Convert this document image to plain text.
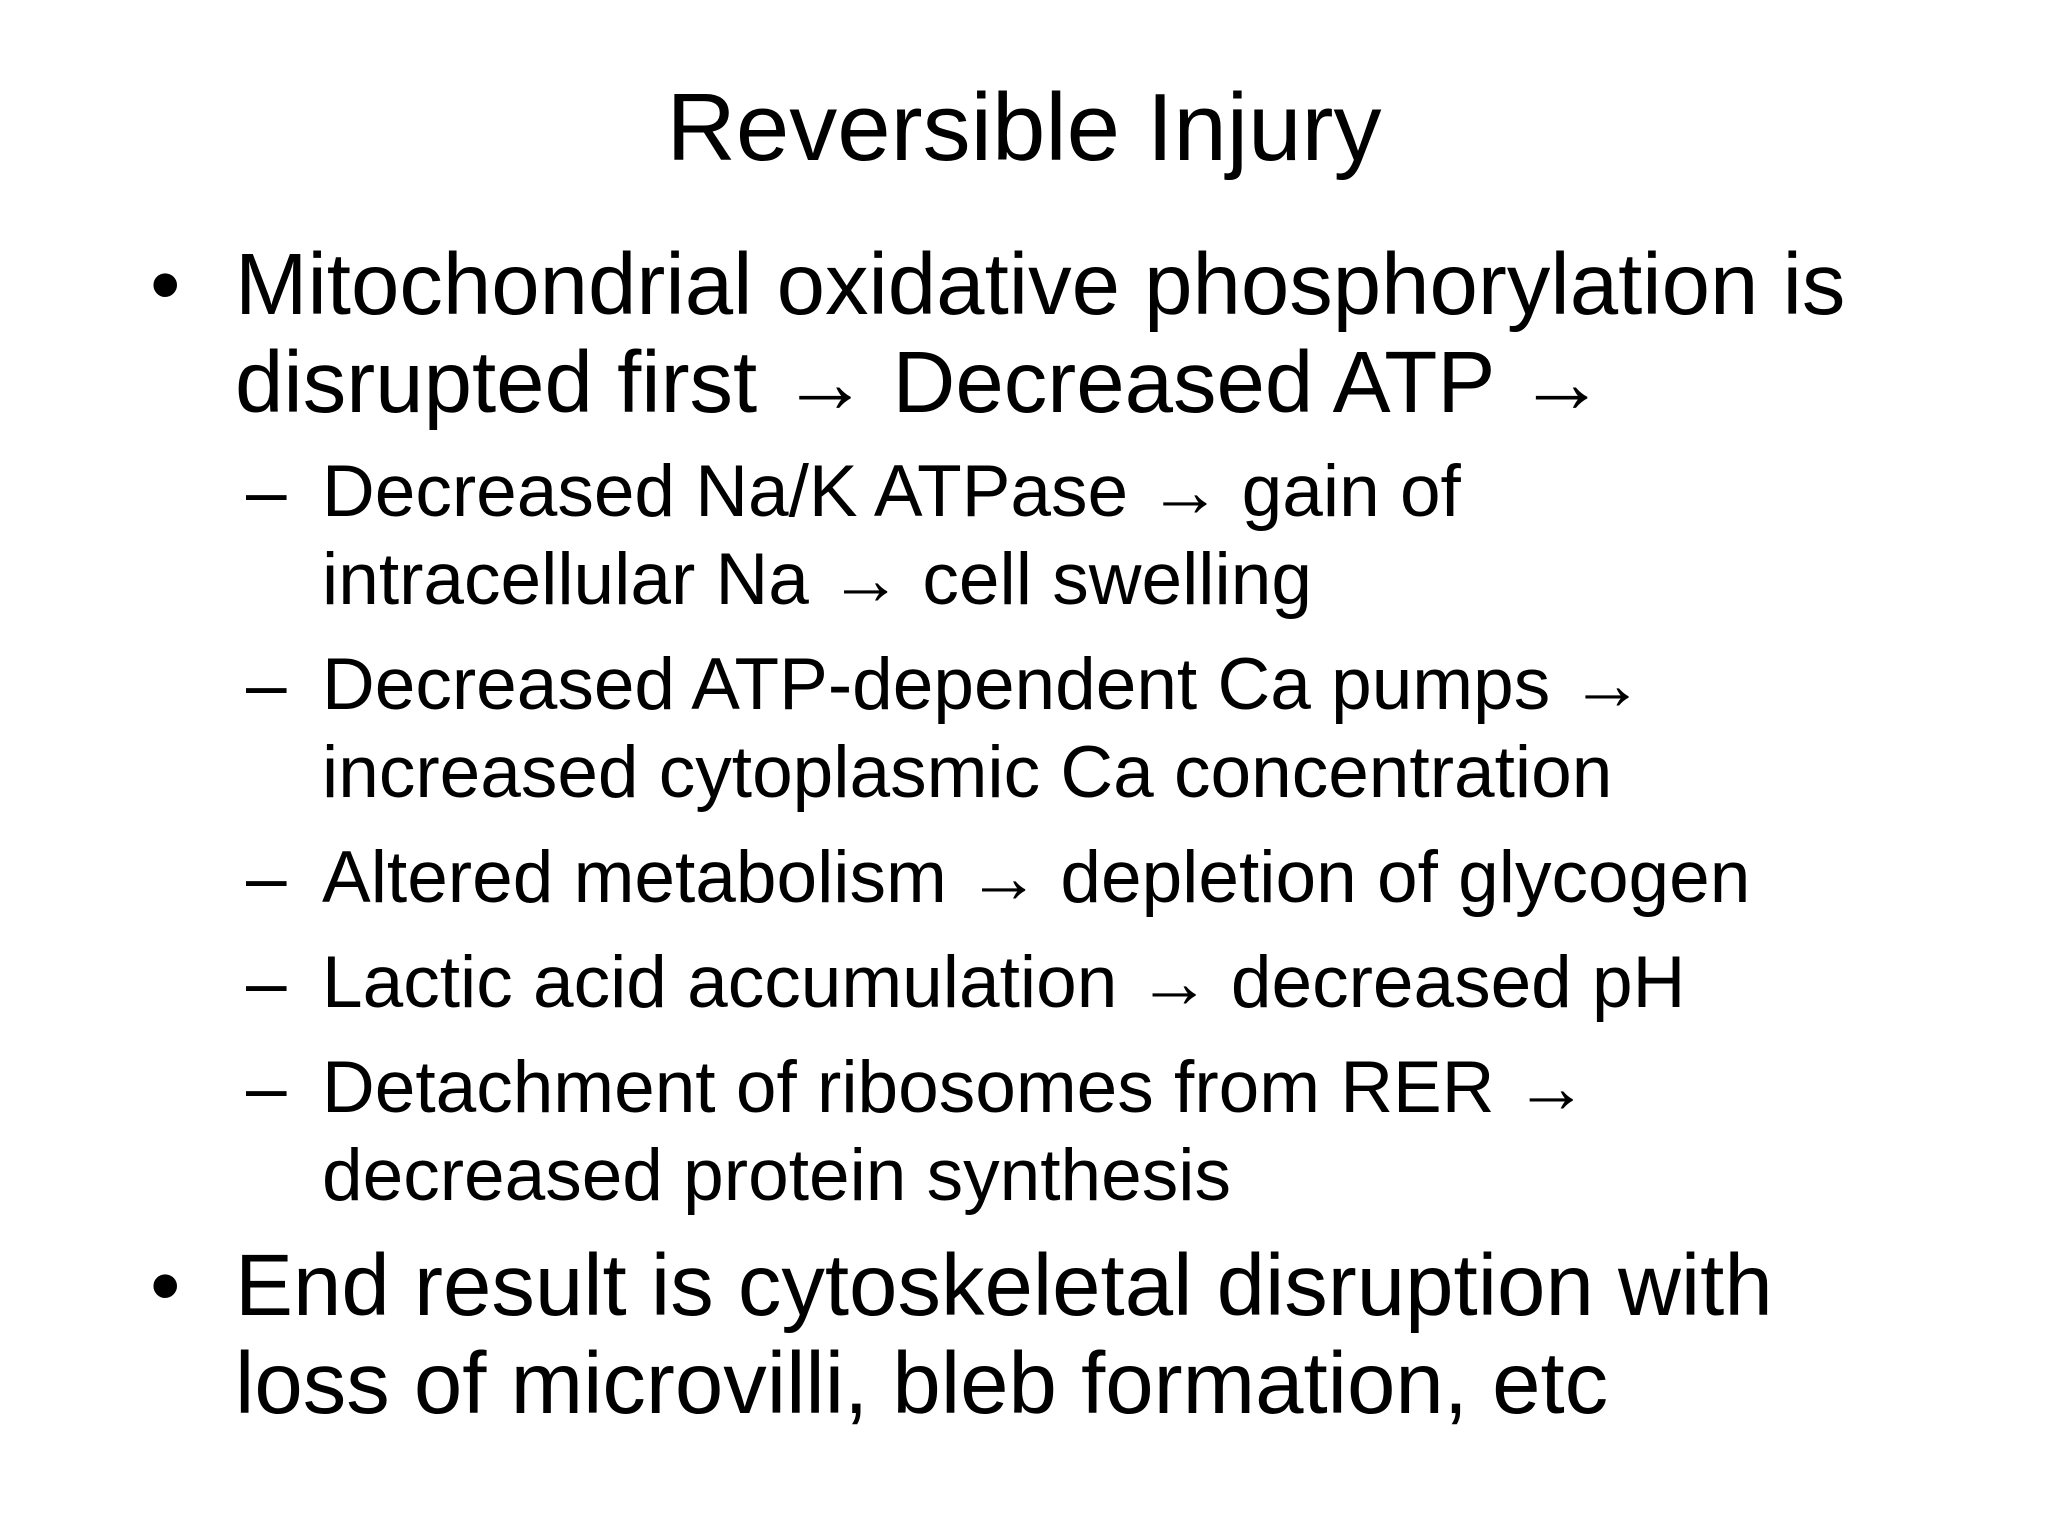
Reversible Injury
• Mitochondrial oxidative phosphorylation is
disrupted first → Decreased ATP →
– Decreased Na/K ATPase → gain of
intracellular Na → cell swelling
– Decreased ATP-dependent Ca pumps →
increased cytoplasmic Ca concentration
– Altered metabolism → depletion of glycogen
– Lactic acid accumulation → decreased pH
– Detachment of ribosomes from RER →
decreased protein synthesis
• End result is cytoskeletal disruption with
loss of microvilli, bleb formation, etc
